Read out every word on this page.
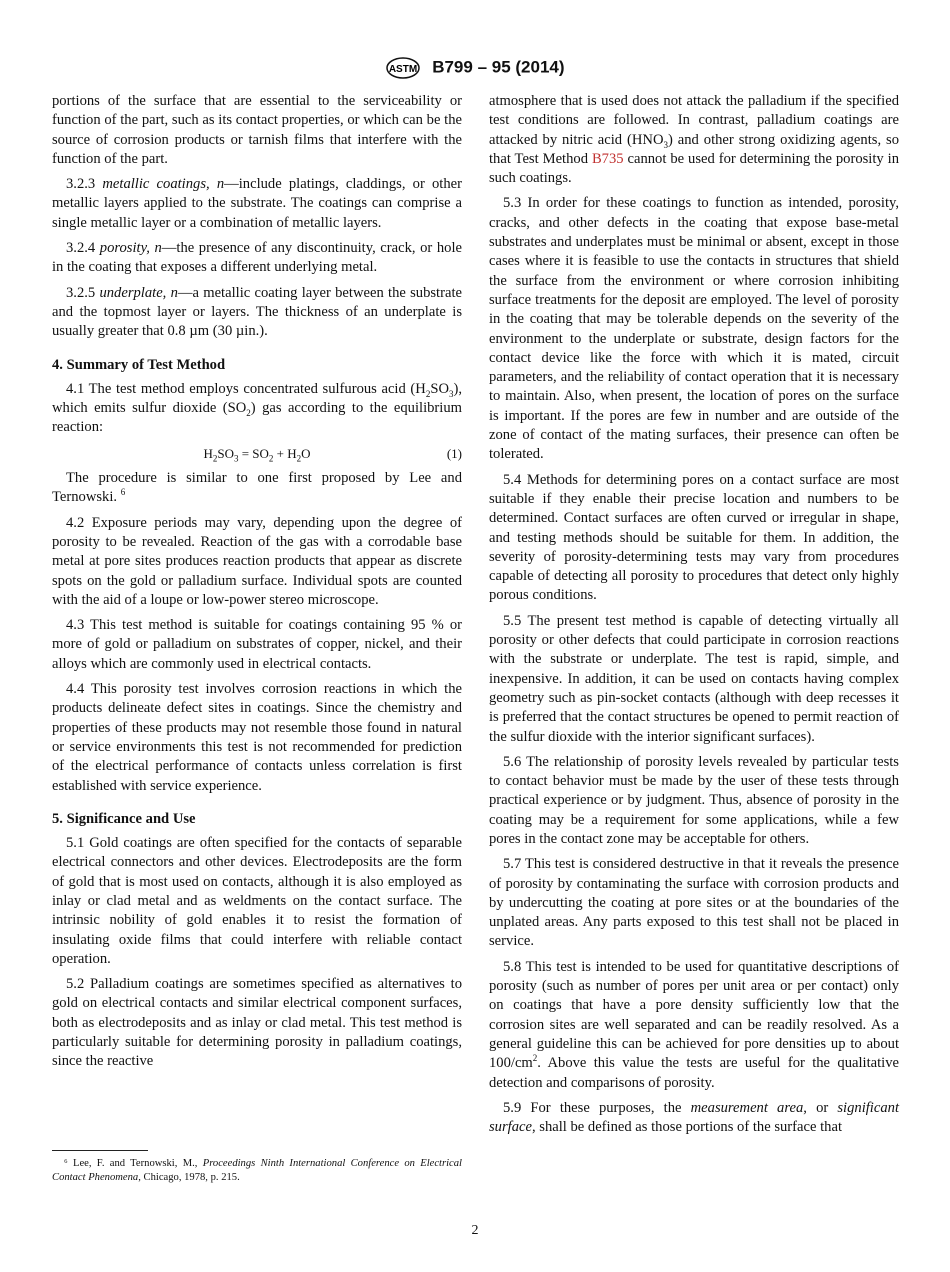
ASTM B799 – 95 (2014)
portions of the surface that are essential to the serviceability or function of the part, such as its contact properties, or which can be the source of corrosion products or tarnish films that interfere with the function of the part.
3.2.3 metallic coatings, n—include platings, claddings, or other metallic layers applied to the substrate. The coatings can comprise a single metallic layer or a combination of metallic layers.
3.2.4 porosity, n—the presence of any discontinuity, crack, or hole in the coating that exposes a different underlying metal.
3.2.5 underplate, n—a metallic coating layer between the substrate and the topmost layer or layers. The thickness of an underplate is usually greater that 0.8 µm (30 µin.).
4. Summary of Test Method
4.1 The test method employs concentrated sulfurous acid $(H_2SO_3)$, which emits sulfur dioxide $(SO_2)$ gas according to the equilibrium reaction:
$H_2SO_3 = SO_2 + H_2O$	(1)
The procedure is similar to one first proposed by Lee and Ternowski. $^6$
4.2 Exposure periods may vary, depending upon the degree of porosity to be revealed. Reaction of the gas with a corrodable base metal at pore sites produces reaction products that appear as discrete spots on the gold or palladium surface. Individual spots are counted with the aid of a loupe or low-power stereo microscope.
4.3 This test method is suitable for coatings containing 95 % or more of gold or palladium on substrates of copper, nickel, and their alloys which are commonly used in electrical contacts.
4.4 This porosity test involves corrosion reactions in which the products delineate defect sites in coatings. Since the chemistry and properties of these products may not resemble those found in natural or service environments this test is not recommended for prediction of the electrical performance of contacts unless correlation is first established with service experience.
5. Significance and Use
5.1 Gold coatings are often specified for the contacts of separable electrical connectors and other devices. Electrodeposits are the form of gold that is most used on contacts, although it is also employed as inlay or clad metal and as weldments on the contact surface. The intrinsic nobility of gold enables it to resist the formation of insulating oxide films that could interfere with reliable contact operation.
5.2 Palladium coatings are sometimes specified as alternatives to gold on electrical contacts and similar electrical component surfaces, both as electrodeposits and as inlay or clad metal. This test method is particularly suitable for determining porosity in palladium coatings, since the reactive
atmosphere that is used does not attack the palladium if the specified test conditions are followed. In contrast, palladium coatings are attacked by nitric acid $(HNO_3)$ and other strong oxidizing agents, so that Test Method B735 cannot be used for determining the porosity in such coatings.
5.3 In order for these coatings to function as intended, porosity, cracks, and other defects in the coating that expose base-metal substrates and underplates must be minimal or absent, except in those cases where it is feasible to use the contacts in structures that shield the surface from the environment or where corrosion inhibiting surface treatments for the deposit are employed. The level of porosity in the coating that may be tolerable depends on the severity of the environment to the underplate or substrate, design factors for the contact device like the force with which it is mated, circuit parameters, and the reliability of contact operation that it is necessary to maintain. Also, when present, the location of pores on the surface is important. If the pores are few in number and are outside of the zone of contact of the mating surfaces, their presence can often be tolerated.
5.4 Methods for determining pores on a contact surface are most suitable if they enable their precise location and numbers to be determined. Contact surfaces are often curved or irregular in shape, and testing methods should be suitable for them. In addition, the severity of porosity-determining tests may vary from procedures capable of detecting all porosity to procedures that detect only highly porous conditions.
5.5 The present test method is capable of detecting virtually all porosity or other defects that could participate in corrosion reactions with the substrate or underplate. The test is rapid, simple, and inexpensive. In addition, it can be used on contacts having complex geometry such as pin-socket contacts (although with deep recesses it is preferred that the contact structures be opened to permit reaction of the sulfur dioxide with the interior significant surfaces).
5.6 The relationship of porosity levels revealed by particular tests to contact behavior must be made by the user of these tests through practical experience or by judgment. Thus, absence of porosity in the coating may be a requirement for some applications, while a few pores in the contact zone may be acceptable for others.
5.7 This test is considered destructive in that it reveals the presence of porosity by contaminating the surface with corrosion products and by undercutting the coating at pore sites or at the boundaries of the unplated areas. Any parts exposed to this test shall not be placed in service.
5.8 This test is intended to be used for quantitative descriptions of porosity (such as number of pores per unit area or per contact) only on coatings that have a pore density sufficiently low that the corrosion sites are well separated and can be readily resolved. As a general guideline this can be achieved for pore densities up to about $100/cm^2$. Above this value the tests are useful for the qualitative detection and comparisons of porosity.
5.9 For these purposes, the measurement area, or significant surface, shall be defined as those portions of the surface that
⁶ Lee, F. and Ternowski, M., Proceedings Ninth International Conference on Electrical Contact Phenomena, Chicago, 1978, p. 215.
2
